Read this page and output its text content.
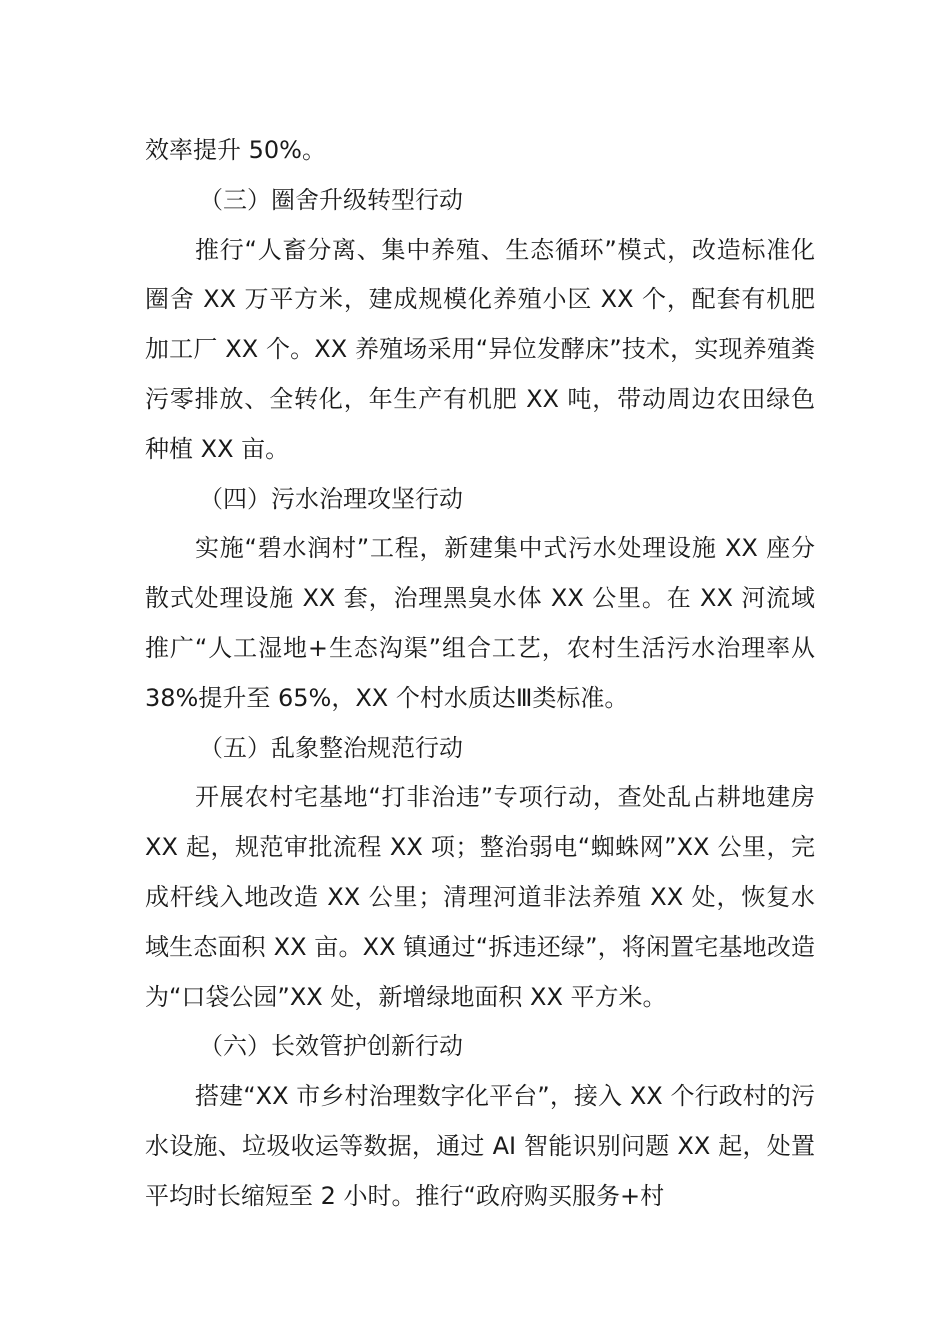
效率提升 50%。

（三）圈舍升级转型行动

推行“人畜分离、集中养殖、生态循环”模式，改造标准化圈舍 XX 万平方米，建成规模化养殖小区 XX 个，配套有机肥加工厂 XX 个。XX 养殖场采用“异位发酵床”技术，实现养殖粪污零排放、全转化，年生产有机肥 XX 吨，带动周边农田绿色种植 XX 亩。

（四）污水治理攻坚行动

实施“碧水润村”工程，新建集中式污水处理设施 XX 座分散式处理设施 XX 套，治理黑臭水体 XX 公里。在 XX 河流域推广“人工湿地+生态沟渠”组合工艺，农村生活污水治理率从 38%提升至 65%，XX 个村水质达Ⅲ类标准。

（五）乱象整治规范行动

开展农村宅基地“打非治违”专项行动，查处乱占耕地建房 XX 起，规范审批流程 XX 项；整治弱电“蜘蛛网”XX 公里，完成杆线入地改造 XX 公里；清理河道非法养殖 XX 处，恢复水域生态面积 XX 亩。XX 镇通过“拆违还绿”，将闲置宅基地改造为“口袋公园”XX 处，新增绿地面积 XX 平方米。

（六）长效管护创新行动

搭建“XX 市乡村治理数字化平台”，接入 XX 个行政村的污水设施、垃圾收运等数据，通过 AI 智能识别问题 XX 起，处置平均时长缩短至 2 小时。推行“政府购买服务+村
